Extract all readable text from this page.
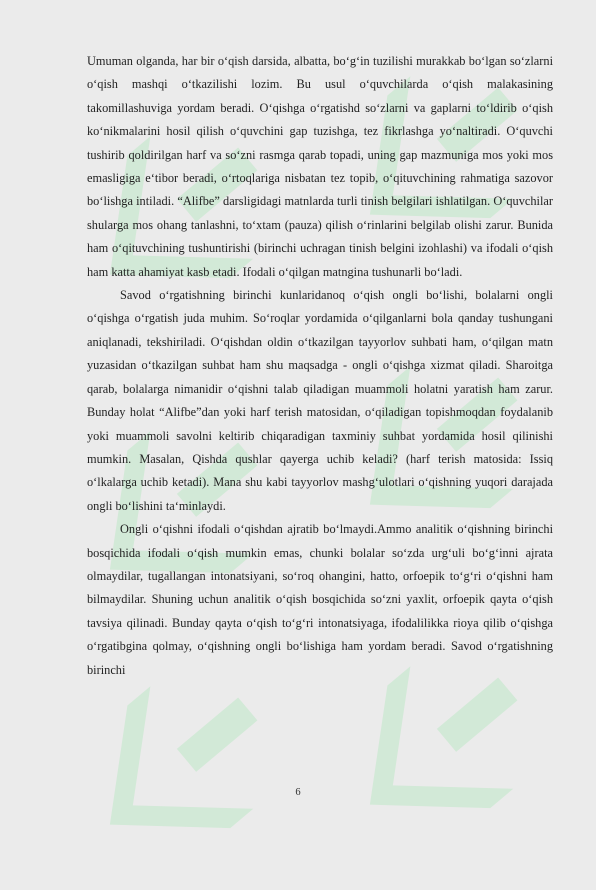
Umuman olganda, har bir o‘qish darsida, albatta, bo‘g‘in tuzilishi murakkab bo‘lgan so‘zlarni o‘qish mashqi o‘tkazilishi lozim. Bu usul o‘quvchilarda o‘qish malakasining takomillashuviga yordam beradi. O‘qishga o‘rgatishd so‘zlarni va gaplarni to‘ldirib o‘qish ko‘nikmalarini hosil qilish o‘quvchini gap tuzishga, tez fikrlashga yo‘naltiradi. O‘quvchi tushirib qoldirilgan harf va so‘zni rasmga qarab topadi, uning gap mazmuniga mos yoki mos emasligiga e‘tibor beradi, o‘rtoqlariga nisbatan tez topib, o‘qituvchining rahmatiga sazovor bo‘lishga intiladi. “Alifbe” darsligidagi matnlarda turli tinish belgilari ishlatilgan. O‘quvchilar shularga mos ohang tanlashni, to‘xtam (pauza) qilish o‘rinlarini belgilab olishi zarur. Bunida ham o‘qituvchining tushuntirishi (birinchi uchragan tinish belgini izohlashi) va ifodali o‘qish ham katta ahamiyat kasb etadi. Ifodali o‘qilgan matngina tushunarli bo‘ladi.

Savod o‘rgatishning birinchi kunlaridanoq o‘qish ongli bo‘lishi, bolalarni ongli o‘qishga o‘rgatish juda muhim. So‘roqlar yordamida o‘qilganlarni bola qanday tushungani aniqlanadi, tekshiriladi. O‘qishdan oldin o‘tkazilgan tayyorlov suhbati ham, o‘qilgan matn yuzasidan o‘tkazilgan suhbat ham shu maqsadga - ongli o‘qishga xizmat qiladi. Sharoitga qarab, bolalarga nimanidir o‘qishni talab qiladigan muammoli holatni yaratish ham zarur. Bunday holat “Alifbe”dan yoki harf terish matosidan, o‘qiladigan topishmoqdan foydalanib yoki muammoli savolni keltirib chiqaradigan taxminiy suhbat yordamida hosil qilinishi mumkin. Masalan, Qishda qushlar qayerga uchib keladi? (harf terish matosida: Issiq o‘lkalarga uchib ketadi). Mana shu kabi tayyorlov mashg‘ulotlari o‘qishning yuqori darajada ongli bo‘lishini ta‘minlaydi.

Ongli o‘qishni ifodali o‘qishdan ajratib bo‘lmaydi.Ammo analitik o‘qishning birinchi bosqichida ifodali o‘qish mumkin emas, chunki bolalar so‘zda urg‘uli bo‘g‘inni ajrata olmaydilar, tugallangan intonatsiyani, so‘roq ohangini, hatto, orfoepik to‘g‘ri o‘qishni ham bilmaydilar. Shuning uchun analitik o‘qish bosqichida so‘zni yaxlit, orfoepik qayta o‘qish tavsiya qilinadi. Bunday qayta o‘qish to‘g‘ri intonatsiyaga, ifodalilikka rioya qilib o‘qishga o‘rgatibgina qolmay, o‘qishning ongli bo‘lishiga ham yordam beradi. Savod o‘rgatishning birinchi

6
